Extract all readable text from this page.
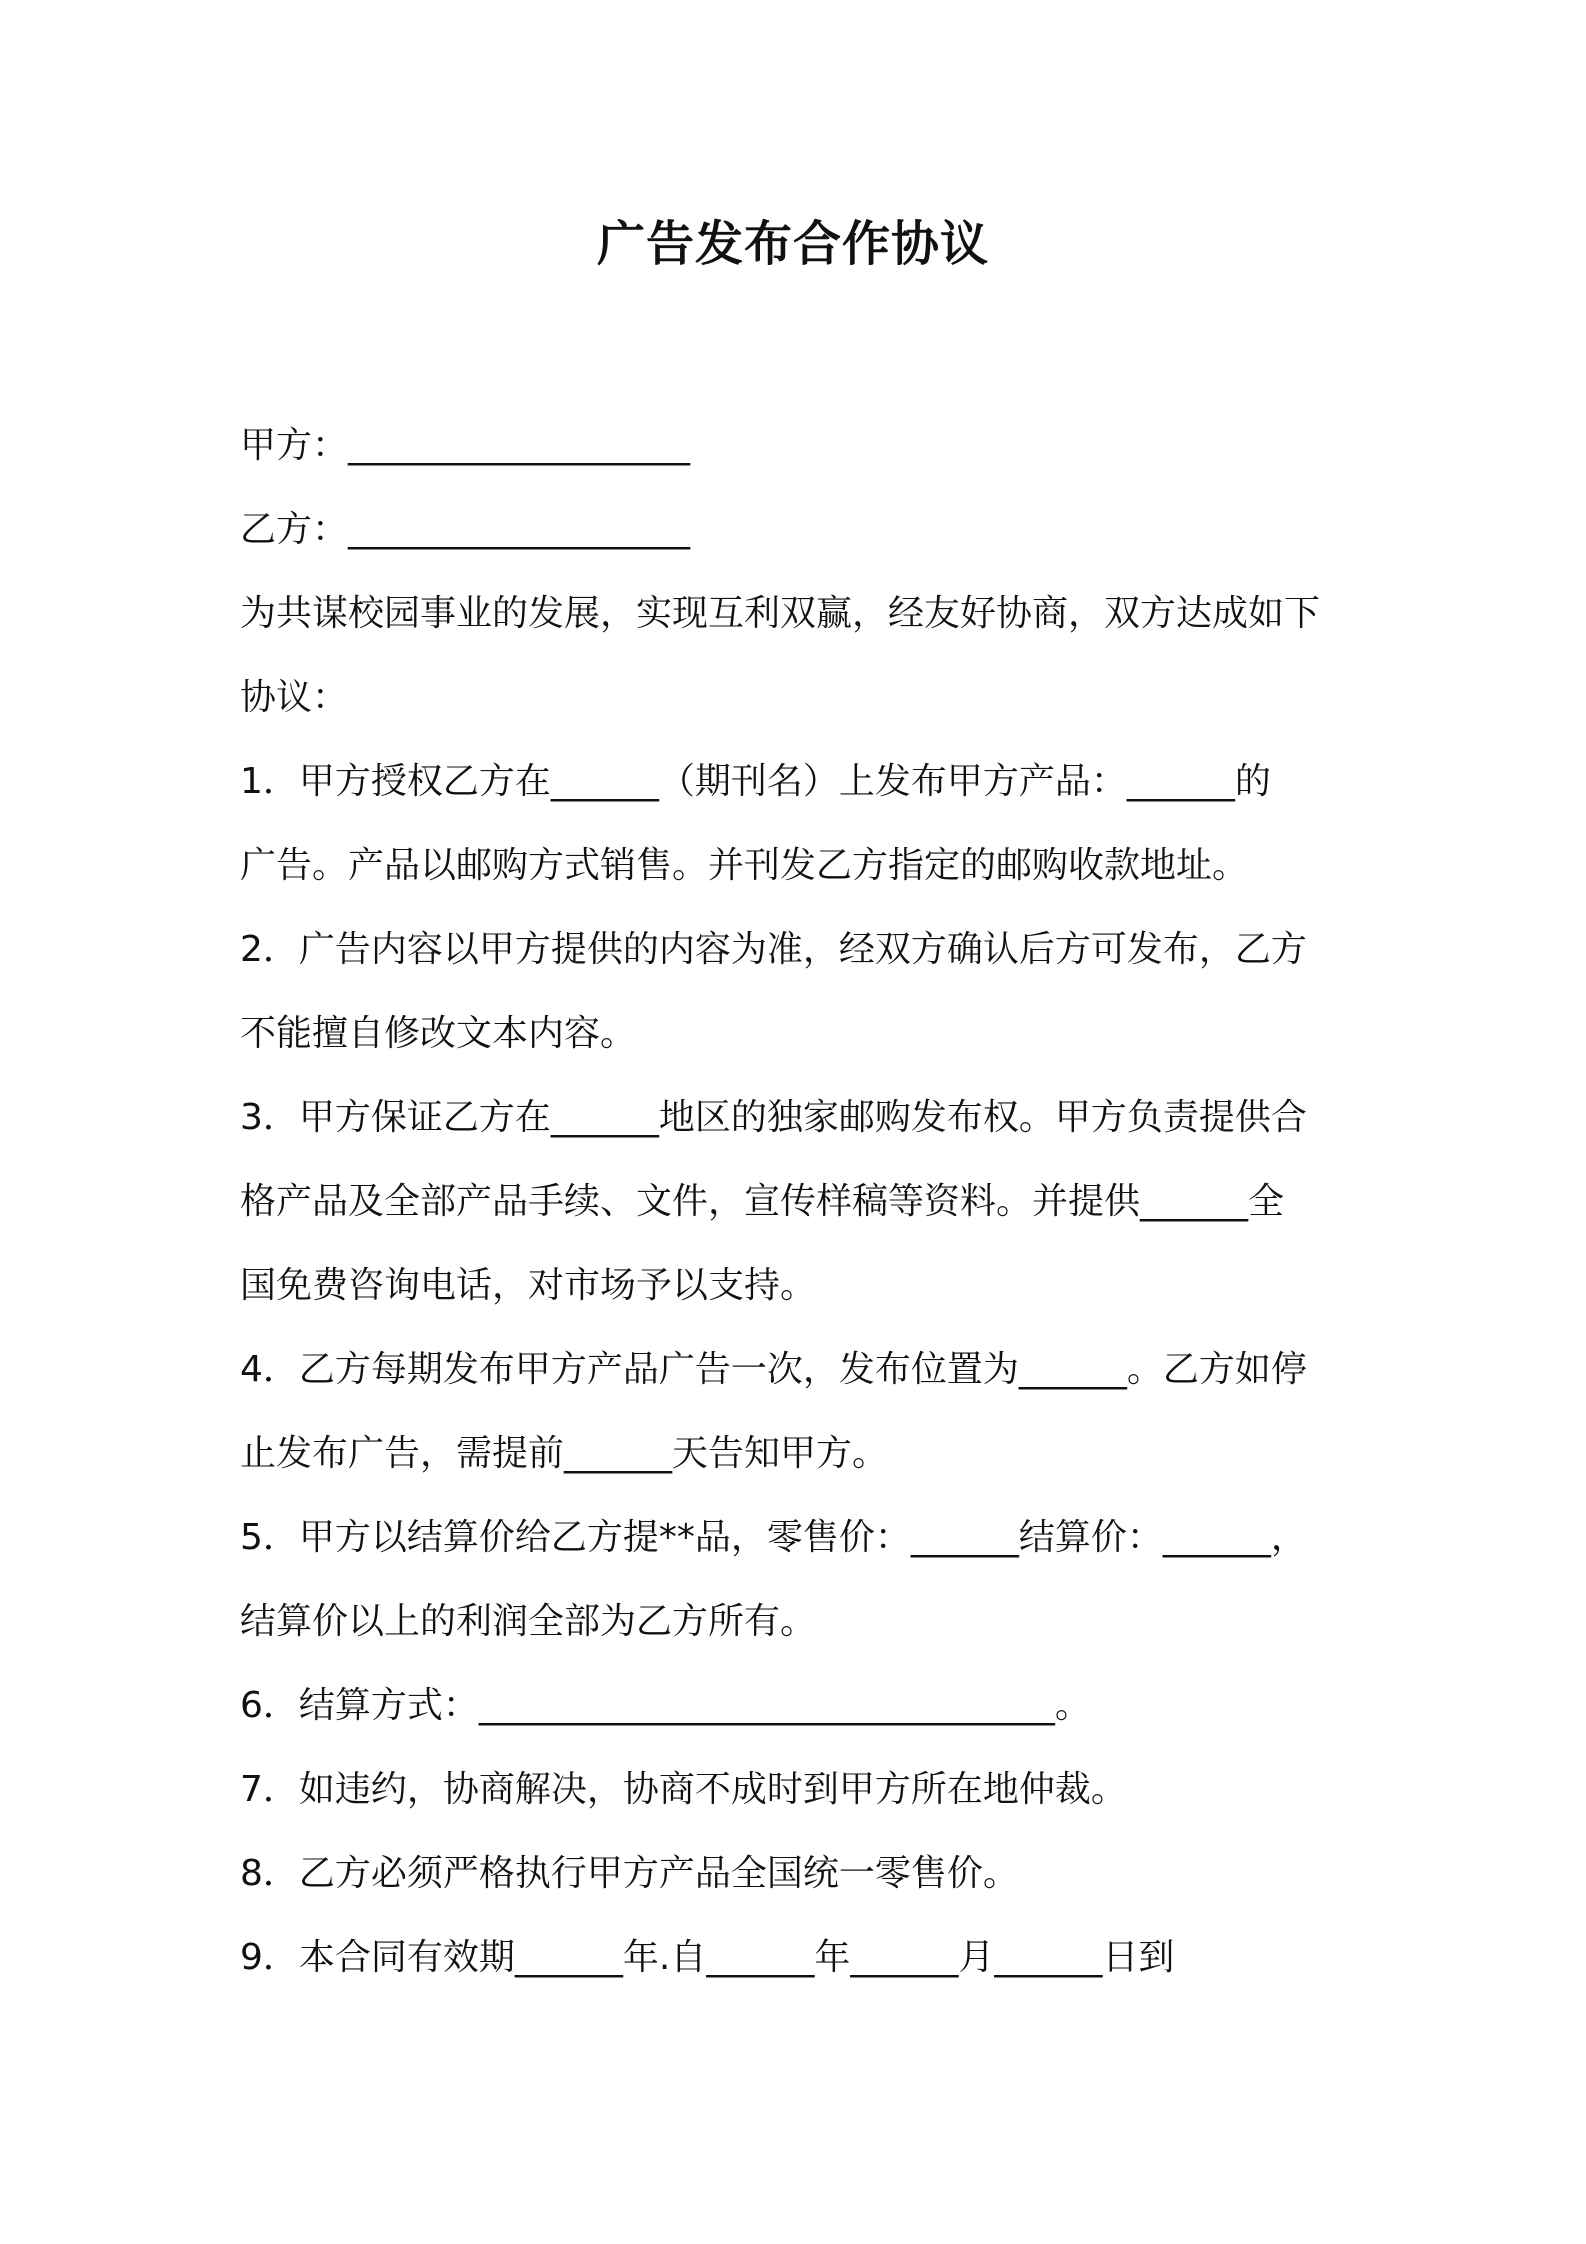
广告发布合作协议
甲方：___________________
乙方：___________________
为共谋校园事业的发展，实现互利双赢，经友好协商，双方达成如下
协议：
1．甲方授权乙方在______（期刊名）上发布甲方产品：______的
广告。产品以邮购方式销售。并刊发乙方指定的邮购收款地址。
2．广告内容以甲方提供的内容为准，经双方确认后方可发布，乙方
不能擅自修改文本内容。
3．甲方保证乙方在______地区的独家邮购发布权。甲方负责提供合
格产品及全部产品手续、文件，宣传样稿等资料。并提供______全
国免费咨询电话，对市场予以支持。
4．乙方每期发布甲方产品广告一次，发布位置为______。乙方如停
止发布广告，需提前______天告知甲方。
5．甲方以结算价给乙方提**品，零售价：______结算价：______，
结算价以上的利润全部为乙方所有。
6．结算方式：________________________________。
7．如违约，协商解决，协商不成时到甲方所在地仲裁。
8．乙方必须严格执行甲方产品全国统一零售价。
9．本合同有效期______年.自______年______月______日到
